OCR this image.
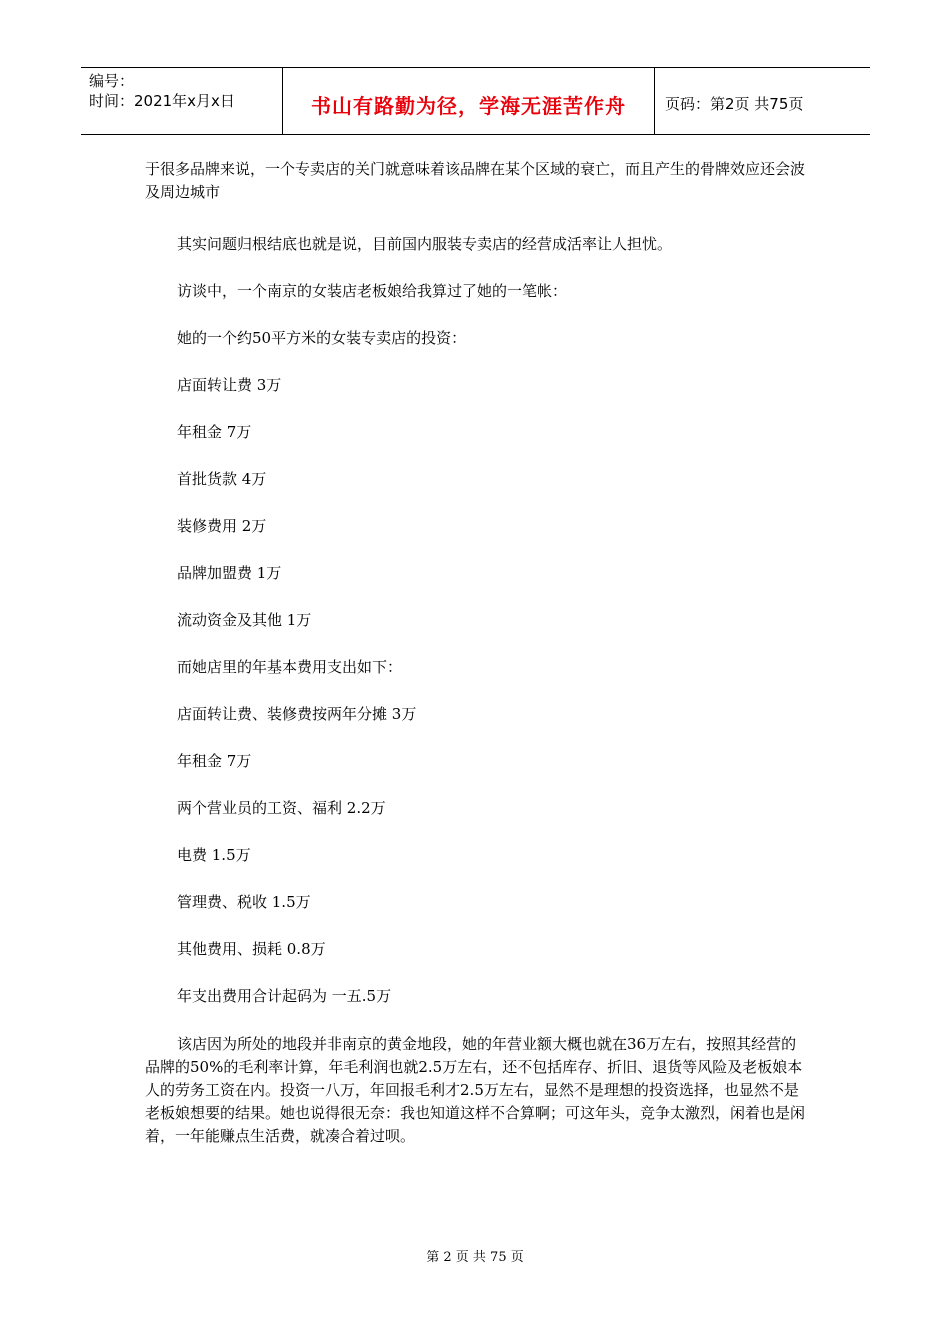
编号：
时间：2021年x月x日	书山有路勤为径，学海无涯苦作舟	页码：第2页 共75页

于很多品牌来说，一个专卖店的关门就意味着该品牌在某个区域的衰亡，而且产生的骨牌效应还会波及周边城市

其实问题归根结底也就是说，目前国内服装专卖店的经营成活率让人担忧。

访谈中，一个南京的女装店老板娘给我算过了她的一笔帐：

她的一个约50平方米的女装专卖店的投资：

店面转让费 3万

年租金 7万

首批货款 4万

装修费用 2万

品牌加盟费 1万

流动资金及其他 1万

而她店里的年基本费用支出如下：

店面转让费、装修费按两年分摊 3万

年租金 7万

两个营业员的工资、福利 2.2万

电费 1.5万

管理费、税收 1.5万

其他费用、损耗 0.8万

年支出费用合计起码为 一五.5万

该店因为所处的地段并非南京的黄金地段，她的年营业额大概也就在36万左右，按照其经营的品牌的50%的毛利率计算，年毛利润也就2.5万左右，还不包括库存、折旧、退货等风险及老板娘本人的劳务工资在内。投资一八万，年回报毛利才2.5万左右，显然不是理想的投资选择，也显然不是老板娘想要的结果。她也说得很无奈：我也知道这样不合算啊；可这年头，竞争太激烈，闲着也是闲着，一年能赚点生活费，就凑合着过呗。

第 2 页 共 75 页
